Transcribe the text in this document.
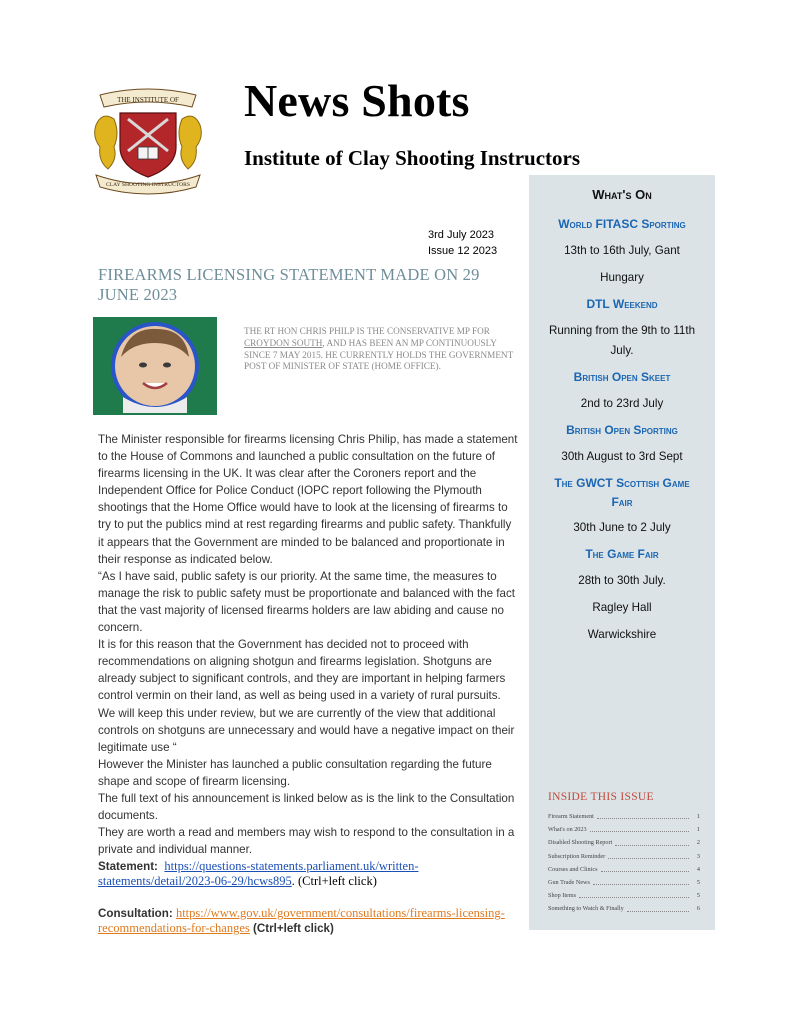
THE INSTITUTE OF
CLAY SHOOTING INSTRUCTORS
News Shots
Institute of Clay Shooting Instructors
3rd July 2023
Issue 12 2023
FIREARMS LICENSING STATEMENT MADE ON 29 JUNE 2023
THE RT HON CHRIS PHILP IS THE CONSERVATIVE MP FOR CROYDON SOUTH, AND HAS BEEN AN MP CONTINUOUSLY SINCE 7 MAY 2015. HE CURRENTLY HOLDS THE GOVERNMENT POST OF MINISTER OF STATE (HOME OFFICE).

The Minister responsible for firearms licensing Chris Philip, has made a statement to the House of Commons and launched a public consultation on the future of firearms licensing in the UK. It was clear after the Coroners report and the Independent Office for Police Conduct (IOPC report following the Plymouth shootings that the Home Office would have to look at the licensing of firearms to try to put the publics mind at rest regarding firearms and public safety. Thankfully it appears that the Government are minded to be balanced and proportionate in their response as indicated below.

“As I have said, public safety is our priority. At the same time, the measures to manage the risk to public safety must be proportionate and balanced with the fact that the vast majority of licensed firearms holders are law abiding and cause no concern.

It is for this reason that the Government has decided not to proceed with recommendations on aligning shotgun and firearms legislation. Shotguns are already subject to significant controls, and they are important in helping farmers control vermin on their land, as well as being used in a variety of rural pursuits. We will keep this under review, but we are currently of the view that additional controls on shotguns are unnecessary and would have a negative impact on their legitimate use “

However the Minister has launched a public consultation regarding the future shape and scope of firearm licensing.

The full text of his announcement is linked below as is the link to the Consultation documents.

They are worth a read and members may wish to respond to the consultation in a private and individual manner.

Statement: https://questions-statements.parliament.uk/written-statements/detail/2023-06-29/hcws895. (Ctrl+left click)

Consultation: https://www.gov.uk/government/consultations/firearms-licensing-recommendations-for-changes (Ctrl+left click)

What's On
World FITASC Sporting
13th to 16th July, Gant
Hungary
DTL Weekend
Running from the 9th to 11th July.
British Open Skeet
2nd to 23rd July
British Open Sporting
30th August to 3rd Sept
The GWCT Scottish Game Fair
30th June to 2 July
The Game Fair
28th to 30th July.
Ragley Hall
Warwickshire
INSIDE THIS ISSUE
Firearm Statement	1
What's on 2023	1
Disabled Shooting Report	2
Subscription Reminder	3
Courses and Clinics	4
Gun Trade News	5
Shop Items	5
Something to Watch & Finally	6
